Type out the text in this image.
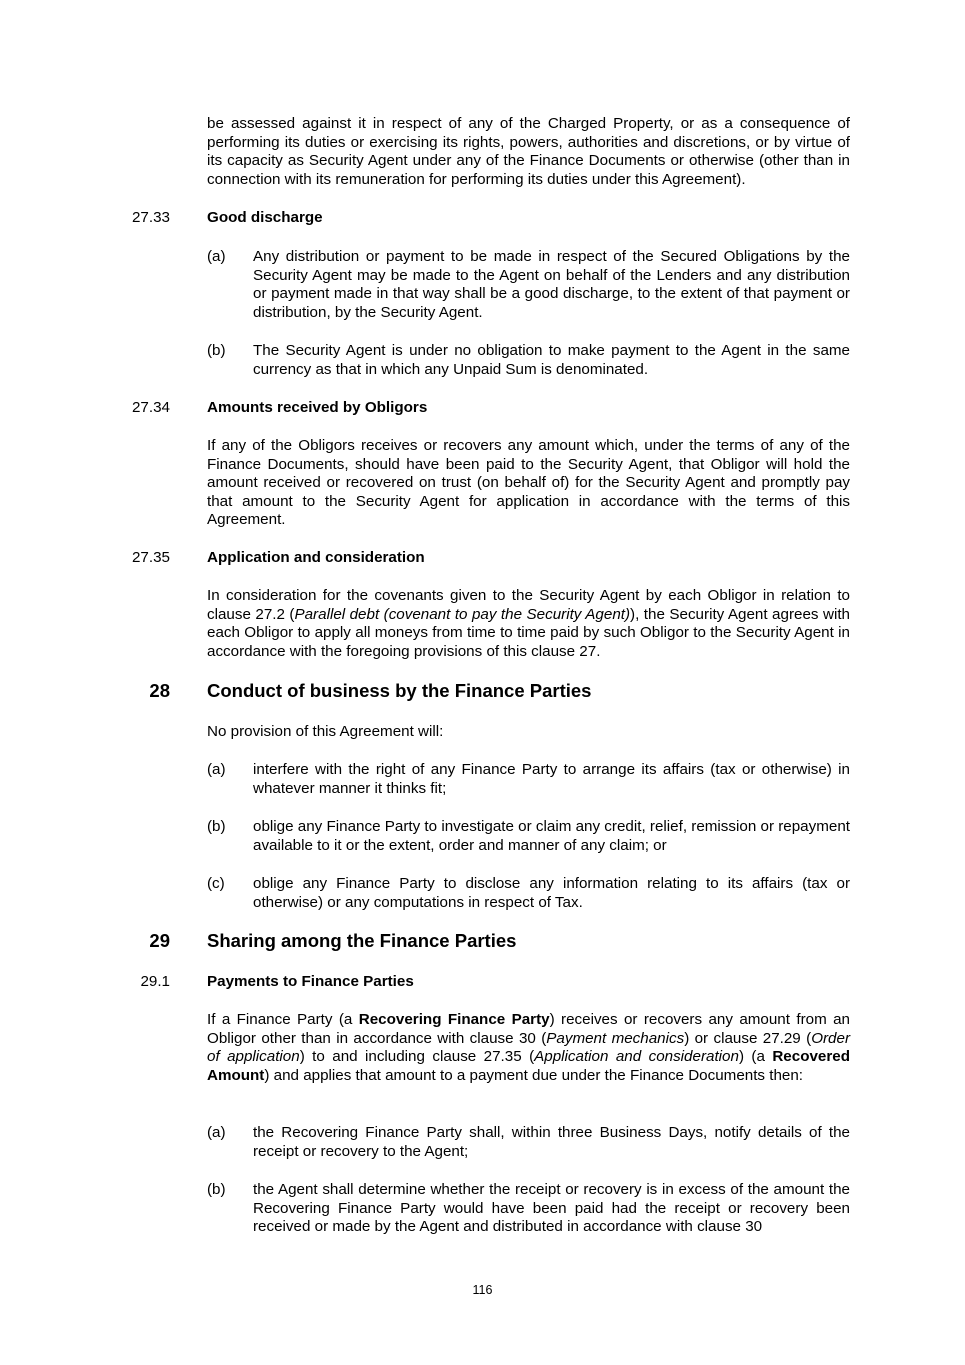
be assessed against it in respect of any of the Charged Property, or as a consequence of performing its duties or exercising its rights, powers, authorities and discretions, or by virtue of its capacity as Security Agent under any of the Finance Documents or otherwise (other than in connection with its remuneration for performing its duties under this Agreement).

27.33 Good discharge
(a)	Any distribution or payment to be made in respect of the Secured Obligations by the Security Agent may be made to the Agent on behalf of the Lenders and any distribution or payment made in that way shall be a good discharge, to the extent of that payment or distribution, by the Security Agent.

(b)	The Security Agent is under no obligation to make payment to the Agent in the same currency as that in which any Unpaid Sum is denominated.

27.34 Amounts received by Obligors

If any of the Obligors receives or recovers any amount which, under the terms of any of the Finance Documents, should have been paid to the Security Agent, that Obligor will hold the amount received or recovered on trust (on behalf of) for the Security Agent and promptly pay that amount to the Security Agent for application in accordance with the terms of this Agreement.

27.35 Application and consideration

In consideration for the covenants given to the Security Agent by each Obligor in relation to clause 27.2 (Parallel debt (covenant to pay the Security Agent)), the Security Agent agrees with each Obligor to apply all moneys from time to time paid by such Obligor to the Security Agent in accordance with the foregoing provisions of this clause 27.

28 Conduct of business by the Finance Parties

No provision of this Agreement will:

(a)	interfere with the right of any Finance Party to arrange its affairs (tax or otherwise) in whatever manner it thinks fit;

(b)	oblige any Finance Party to investigate or claim any credit, relief, remission or repayment available to it or the extent, order and manner of any claim; or

(c)	oblige any Finance Party to disclose any information relating to its affairs (tax or otherwise) or any computations in respect of Tax.

29 Sharing among the Finance Parties
29.1 Payments to Finance Parties

If a Finance Party (a Recovering Finance Party) receives or recovers any amount from an Obligor other than in accordance with clause 30 (Payment mechanics) or clause 27.29 (Order of application) to and including clause 27.35 (Application and consideration) (a Recovered Amount) and applies that amount to a payment due under the Finance Documents then:

(a)	the Recovering Finance Party shall, within three Business Days, notify details of the receipt or recovery to the Agent;

(b)	the Agent shall determine whether the receipt or recovery is in excess of the amount the Recovering Finance Party would have been paid had the receipt or recovery been received or made by the Agent and distributed in accordance with clause 30

116
